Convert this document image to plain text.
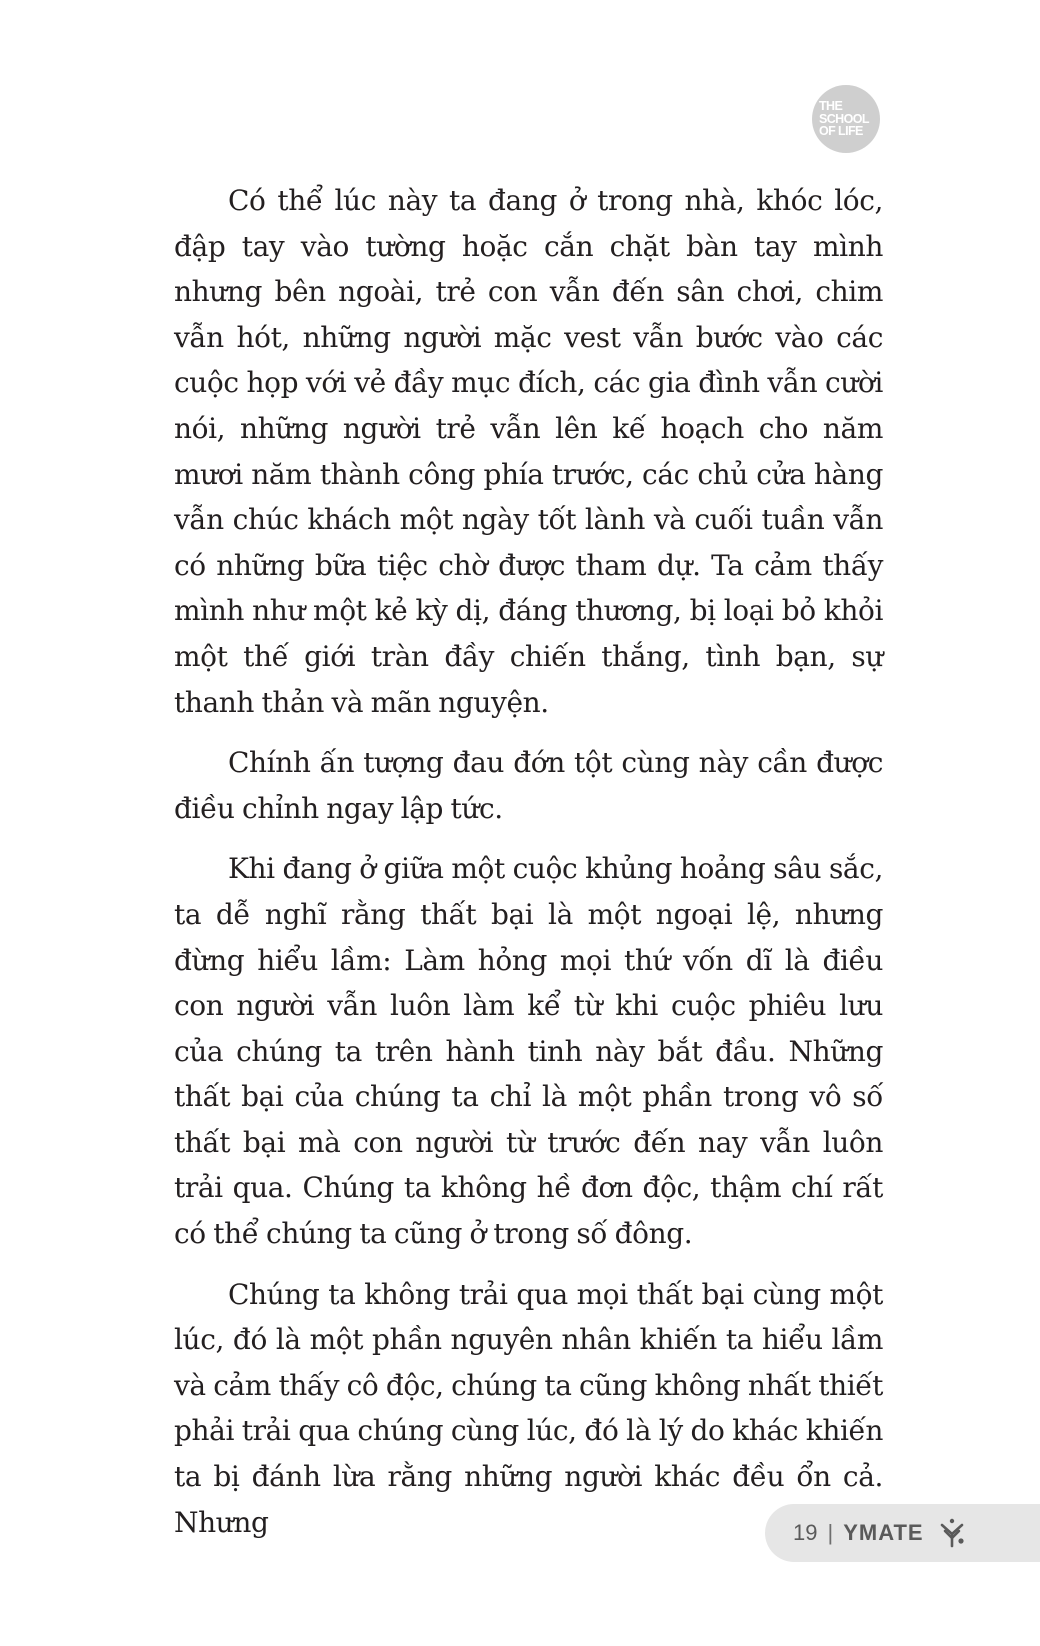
THE
SCHOOL
OF LIFE

Có thể lúc này ta đang ở trong nhà, khóc lóc, đập tay vào tường hoặc cắn chặt bàn tay mình nhưng bên ngoài, trẻ con vẫn đến sân chơi, chim vẫn hót, những người mặc vest vẫn bước vào các cuộc họp với vẻ đầy mục đích, các gia đình vẫn cười nói, những người trẻ vẫn lên kế hoạch cho năm mươi năm thành công phía trước, các chủ cửa hàng vẫn chúc khách một ngày tốt lành và cuối tuần vẫn có những bữa tiệc chờ được tham dự. Ta cảm thấy mình như một kẻ kỳ dị, đáng thương, bị loại bỏ khỏi một thế giới tràn đầy chiến thắng, tình bạn, sự thanh thản và mãn nguyện.

Chính ấn tượng đau đớn tột cùng này cần được điều chỉnh ngay lập tức.

Khi đang ở giữa một cuộc khủng hoảng sâu sắc, ta dễ nghĩ rằng thất bại là một ngoại lệ, nhưng đừng hiểu lầm: Làm hỏng mọi thứ vốn dĩ là điều con người vẫn luôn làm kể từ khi cuộc phiêu lưu của chúng ta trên hành tinh này bắt đầu. Những thất bại của chúng ta chỉ là một phần trong vô số thất bại mà con người từ trước đến nay vẫn luôn trải qua. Chúng ta không hề đơn độc, thậm chí rất có thể chúng ta cũng ở trong số đông.

Chúng ta không trải qua mọi thất bại cùng một lúc, đó là một phần nguyên nhân khiến ta hiểu lầm và cảm thấy cô độc, chúng ta cũng không nhất thiết phải trải qua chúng cùng lúc, đó là lý do khác khiến ta bị đánh lừa rằng những người khác đều ổn cả. Nhưng	19 | YMATE
